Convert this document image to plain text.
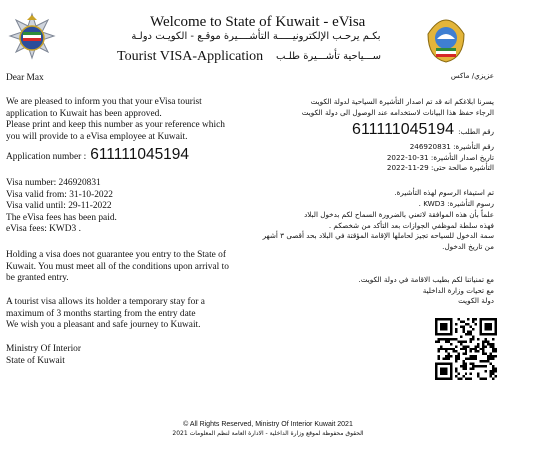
Welcome to State of Kuwait - eVisa
بكـم يرحـب الإلكترونيـــــة التأشــــيرة موقـع - الكويـت دولـة
Tourist VISA-Application ســـياحية تأشـــيرة طلـب
Dear Max
We are pleased to inform you that your eVisa tourist
application to Kuwait has been approved.
Please print and keep this number as your reference which
you will provide to a eVisa employee at Kuwait.
Application number : 611111045194
Visa number: 246920831
Visa valid from: 31-10-2022
Visa valid until: 29-11-2022
The eVisa fees has been paid.
eVisa fees: KWD3 .
Holding a visa does not guarantee you entry to the State of
Kuwait. You must meet all of the conditions upon arrival to
be granted entry.
A tourist visa allows its holder a temporary stay for a
maximum of 3 months starting from the entry date
We wish you a pleasant and safe journey to Kuwait.
Ministry Of Interior
State of Kuwait
عزيزي/ ماكس
يسرنا ابلاغكم انه قد تم اصدار التأشيرة السياحية لدولة الكويت
الرجاء حفظ هذا البيانات لاستخدامه عند الوصول الى دولة الكويت
رقم الطلب: 611111045194
رقم التأشيرة: 246920831
تاريخ اصدار التأشيرة: 31-10-2022
التأشيرة صالحة حتى: 29-11-2022
تم استيفاء الرسوم لهذه التأشيرة.
رسوم التأشيرة: KWD3 .
علماً بأن هذه الموافقة لاتعني بالضرورة السماح لكم بدخول البلاد
فهذه سلطة لموظفي الجوازات بعد التأكد من شخصكم .
سمة الدخول للسياحه تجيز لحاملها الإقامة المؤقتة في البلاد بحد أقصى ٣ أشهر
من تاريخ الدخول.
مع تمنياتنا لكم بطيب الاقامة في دولة الكويت.
مع تحيات وزارة الداخلية
دولة الكويت
© All Rights Reserved, Ministry Of Interior Kuwait 2021
الحقوق محفوظة لموقع وزارة الداخلية - الادارة العامة لنظم المعلومات 2021
